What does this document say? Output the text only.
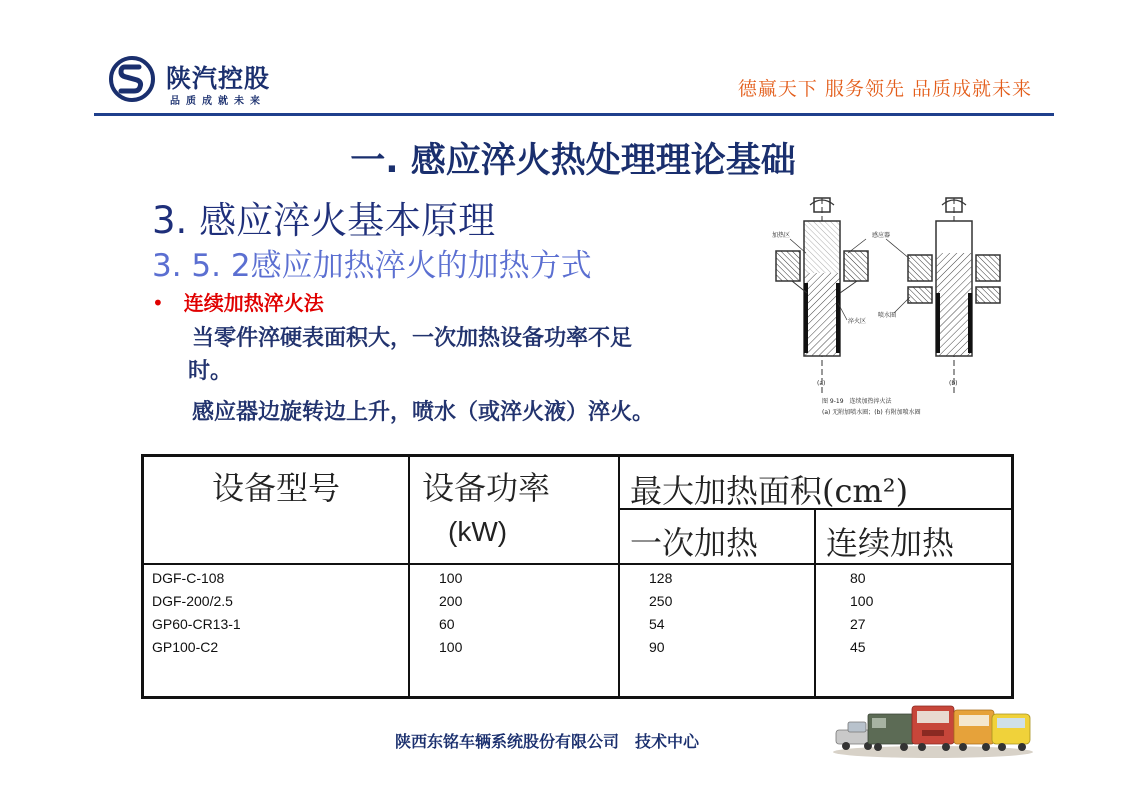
陕汽控股
品质成就未来
德赢天下 服务领先 品质成就未来
一. 感应淬火热处理理论基础
3. 感应淬火基本原理
3. 5. 2感应加热淬火的加热方式
• 连续加热淬火法
当零件淬硬表面积大，一次加热设备功率不足
时。
感应器边旋转边上升，喷水（或淬火液）淬火。
加热区
淬火区
(a)
感应器
喷水圈
(b)
图 9-19　连续加热淬火法
(a) 无附加喷水圈；(b) 有附加喷水圈
设备型号	设备功率
(kW)
最大加热面积(cm²)
一次加热 连续加热
DGF-C-108
DGF-200/2.5
GP60-CR13-1
GP100-C2
100
200
60
100
128
250
54
90
80
100
27
45
陕西东铭车辆系统股份有限公司 技术中心
